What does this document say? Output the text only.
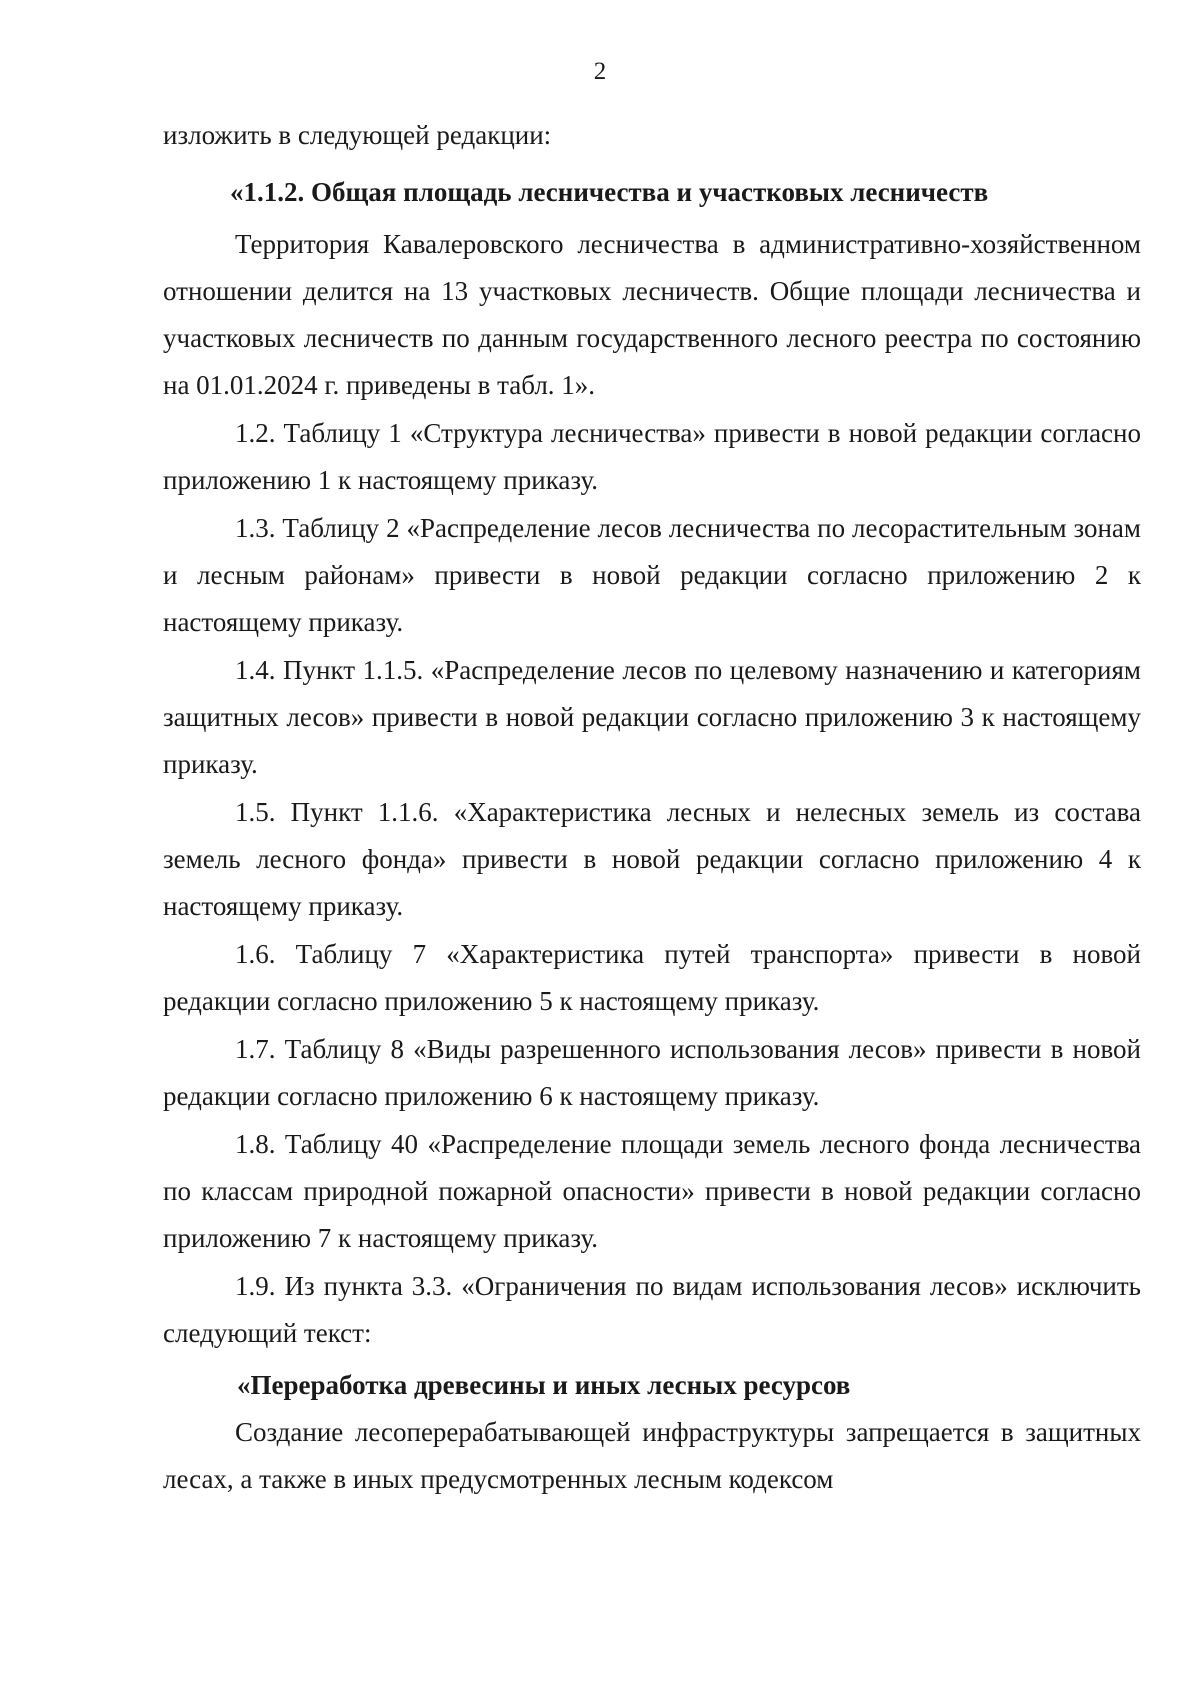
2

изложить в следующей редакции:

«1.1.2. Общая площадь лесничества и участковых лесничеств

Территория Кавалеровского лесничества в административно-хозяйственном отношении делится на 13 участковых лесничеств. Общие площади лесничества и участковых лесничеств по данным государственного лесного реестра по состоянию на 01.01.2024 г. приведены в табл. 1».

1.2. Таблицу 1 «Структура лесничества» привести в новой редакции согласно приложению 1 к настоящему приказу.

1.3. Таблицу 2 «Распределение лесов лесничества по лесорастительным зонам и лесным районам» привести в новой редакции согласно приложению 2 к настоящему приказу.

1.4. Пункт 1.1.5. «Распределение лесов по целевому назначению и категориям защитных лесов» привести в новой редакции согласно приложению 3 к настоящему приказу.

1.5. Пункт 1.1.6. «Характеристика лесных и нелесных земель из состава земель лесного фонда» привести в новой редакции согласно приложению 4 к настоящему приказу.

1.6. Таблицу 7 «Характеристика путей транспорта» привести в новой редакции согласно приложению 5 к настоящему приказу.

1.7. Таблицу 8 «Виды разрешенного использования лесов» привести в новой редакции согласно приложению 6 к настоящему приказу.

1.8. Таблицу 40 «Распределение площади земель лесного фонда лесничества по классам природной пожарной опасности» привести в новой редакции согласно приложению 7 к настоящему приказу.

1.9. Из пункта 3.3. «Ограничения по видам использования лесов» исключить следующий текст:

«Переработка древесины и иных лесных ресурсов

Создание лесоперерабатывающей инфраструктуры запрещается в защитных лесах, а также в иных предусмотренных лесным кодексом
